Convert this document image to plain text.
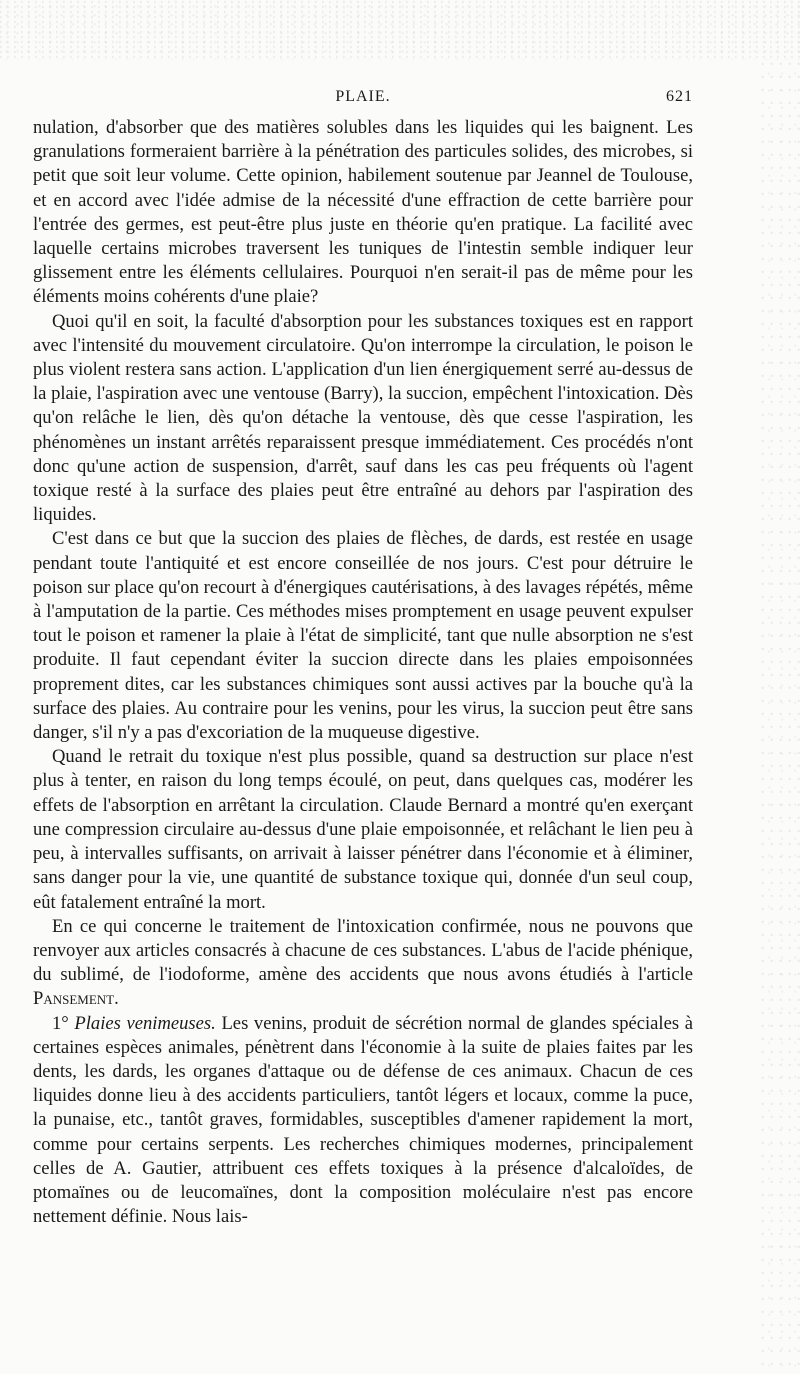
PLAIE.	621

nulation, d'absorber que des matières solubles dans les liquides qui les baignent. Les granulations formeraient barrière à la pénétration des particules solides, des microbes, si petit que soit leur volume. Cette opinion, habilement soutenue par Jeannel de Toulouse, et en accord avec l'idée admise de la nécessité d'une effraction de cette barrière pour l'entrée des germes, est peut-être plus juste en théorie qu'en pratique. La facilité avec laquelle certains microbes traversent les tuniques de l'intestin semble indiquer leur glissement entre les éléments cellulaires. Pourquoi n'en serait-il pas de même pour les éléments moins cohérents d'une plaie?

Quoi qu'il en soit, la faculté d'absorption pour les substances toxiques est en rapport avec l'intensité du mouvement circulatoire. Qu'on interrompe la circulation, le poison le plus violent restera sans action. L'application d'un lien énergiquement serré au-dessus de la plaie, l'aspiration avec une ventouse (Barry), la succion, empêchent l'intoxication. Dès qu'on relâche le lien, dès qu'on détache la ventouse, dès que cesse l'aspiration, les phénomènes un instant arrêtés reparaissent presque immédiatement. Ces procédés n'ont donc qu'une action de suspension, d'arrêt, sauf dans les cas peu fréquents où l'agent toxique resté à la surface des plaies peut être entraîné au dehors par l'aspiration des liquides.

C'est dans ce but que la succion des plaies de flèches, de dards, est restée en usage pendant toute l'antiquité et est encore conseillée de nos jours. C'est pour détruire le poison sur place qu'on recourt à d'énergiques cautérisations, à des lavages répétés, même à l'amputation de la partie. Ces méthodes mises promptement en usage peuvent expulser tout le poison et ramener la plaie à l'état de simplicité, tant que nulle absorption ne s'est produite. Il faut cependant éviter la succion directe dans les plaies empoisonnées proprement dites, car les substances chimiques sont aussi actives par la bouche qu'à la surface des plaies. Au contraire pour les venins, pour les virus, la succion peut être sans danger, s'il n'y a pas d'excoriation de la muqueuse digestive.

Quand le retrait du toxique n'est plus possible, quand sa destruction sur place n'est plus à tenter, en raison du long temps écoulé, on peut, dans quelques cas, modérer les effets de l'absorption en arrêtant la circulation. Claude Bernard a montré qu'en exerçant une compression circulaire au-dessus d'une plaie empoisonnée, et relâchant le lien peu à peu, à intervalles suffisants, on arrivait à laisser pénétrer dans l'économie et à éliminer, sans danger pour la vie, une quantité de substance toxique qui, donnée d'un seul coup, eût fatalement entraîné la mort.

En ce qui concerne le traitement de l'intoxication confirmée, nous ne pouvons que renvoyer aux articles consacrés à chacune de ces substances. L'abus de l'acide phénique, du sublimé, de l'iodoforme, amène des accidents que nous avons étudiés à l'article Pansement.

1° Plaies venimeuses. Les venins, produit de sécrétion normal de glandes spéciales à certaines espèces animales, pénètrent dans l'économie à la suite de plaies faites par les dents, les dards, les organes d'attaque ou de défense de ces animaux. Chacun de ces liquides donne lieu à des accidents particuliers, tantôt légers et locaux, comme la puce, la punaise, etc., tantôt graves, formidables, susceptibles d'amener rapidement la mort, comme pour certains serpents. Les recherches chimiques modernes, principalement celles de A. Gautier, attribuent ces effets toxiques à la présence d'alcaloïdes, de ptomaïnes ou de leucomaïnes, dont la composition moléculaire n'est pas encore nettement définie. Nous lais-
